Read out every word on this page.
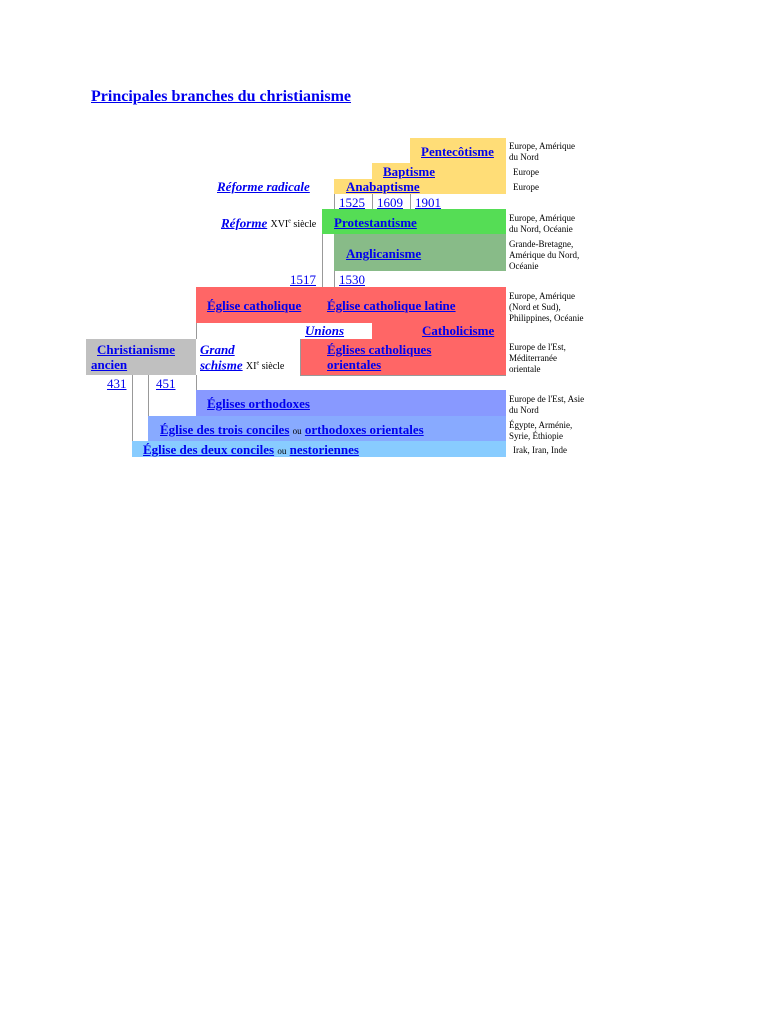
Principales branches du christianisme
Pentecôtisme
Baptisme
Anabaptisme
Protestantisme
Anglicanisme
Église catholique Église catholique latine
Unions	Catholicisme
Églises catholiques
orientales
Christianisme
ancien
Églises orthodoxes
Église des trois conciles ou orthodoxes orientales
Église des deux conciles ou nestoriennes
Réforme radicale
Réforme XVIe siècle
Grand
schisme XIe siècle
1525 1609 1901
1517 1530
431 451
Europe, Amérique
du Nord
Europe
Europe
Europe, Amérique
du Nord, Océanie
Grande-Bretagne,
Amérique du Nord,
Océanie
Europe, Amérique
(Nord et Sud),
Philippines, Océanie
Europe de l'Est,
Méditerranée
orientale
Europe de l'Est, Asie
du Nord
Égypte, Arménie,
Syrie, Éthiopie
Irak, Iran, Inde
